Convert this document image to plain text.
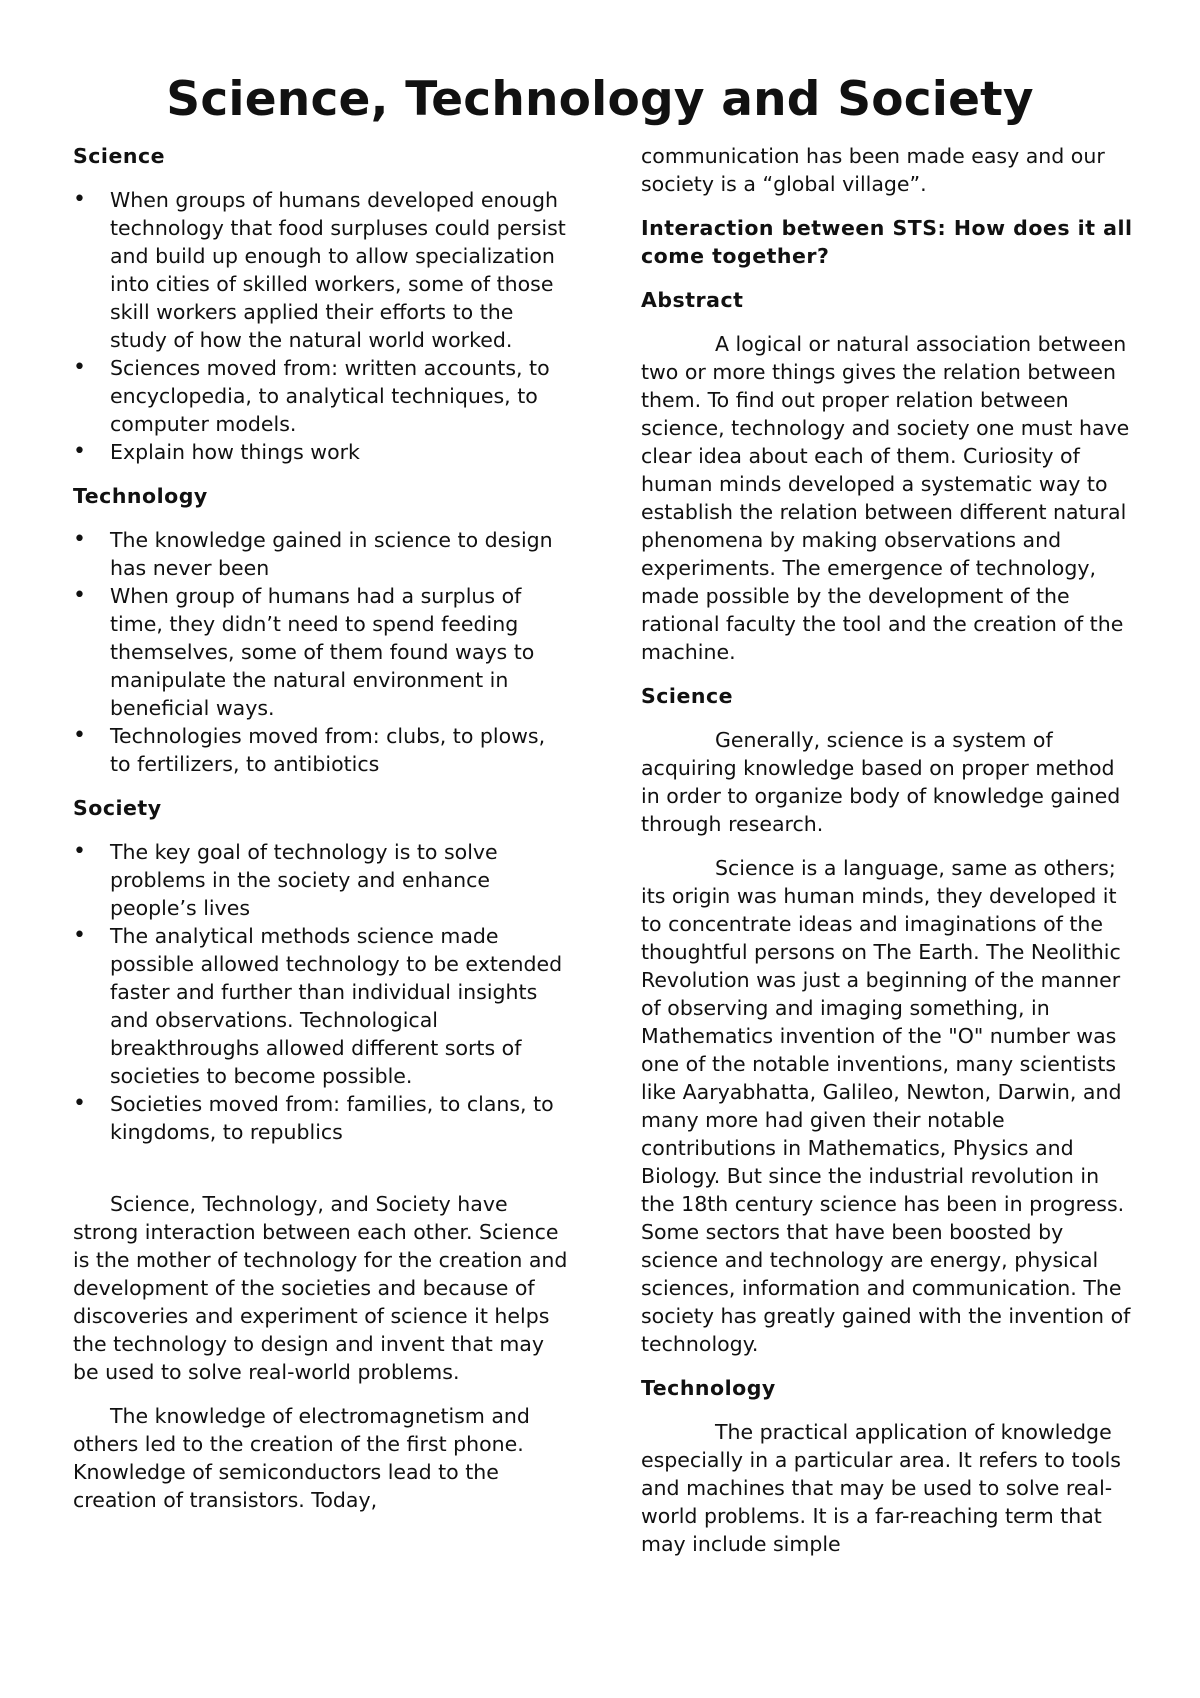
Science, Technology and Society
Science
• When groups of humans developed enough technology that food surpluses could persist and build up enough to allow specialization into cities of skilled workers, some of those skill workers applied their efforts to the study of how the natural world worked.
• Sciences moved from: written accounts, to encyclopedia, to analytical techniques, to computer models.
• Explain how things work
Technology
• The knowledge gained in science to design has never been
• When group of humans had a surplus of time, they didn’t need to spend feeding themselves, some of them found ways to manipulate the natural environment in beneficial ways.
• Technologies moved from: clubs, to plows, to fertilizers, to antibiotics
Society
• The key goal of technology is to solve problems in the society and enhance people’s lives
• The analytical methods science made possible allowed technology to be extended faster and further than individual insights and observations. Technological breakthroughs allowed different sorts of societies to become possible.
• Societies moved from: families, to clans, to kingdoms, to republics

Science, Technology, and Society have strong interaction between each other. Science is the mother of technology for the creation and development of the societies and because of discoveries and experiment of science it helps the technology to design and invent that may be used to solve real-world problems.

The knowledge of electromagnetism and others led to the creation of the first phone. Knowledge of semiconductors lead to the creation of transistors. Today,

communication has been made easy and our society is a “global village”.

Interaction between STS: How does it all come together?
Abstract

A logical or natural association between two or more things gives the relation between them. To find out proper relation between science, technology and society one must have clear idea about each of them. Curiosity of human minds developed a systematic way to establish the relation between different natural phenomena by making observations and experiments. The emergence of technology, made possible by the development of the rational faculty the tool and the creation of the machine.

Science

Generally, science is a system of acquiring knowledge based on proper method in order to organize body of knowledge gained through research.

Science is a language, same as others; its origin was human minds, they developed it to concentrate ideas and imaginations of the thoughtful persons on The Earth. The Neolithic Revolution was just a beginning of the manner of observing and imaging something, in Mathematics invention of the "O" number was one of the notable inventions, many scientists like Aaryabhatta, Galileo, Newton, Darwin, and many more had given their notable contributions in Mathematics, Physics and Biology. But since the industrial revolution in the 18th century science has been in progress. Some sectors that have been boosted by science and technology are energy, physical sciences, information and communication. The society has greatly gained with the invention of technology.

Technology

The practical application of knowledge especially in a particular area. It refers to tools and machines that may be used to solve real-world problems. It is a far-reaching term that may include simple
